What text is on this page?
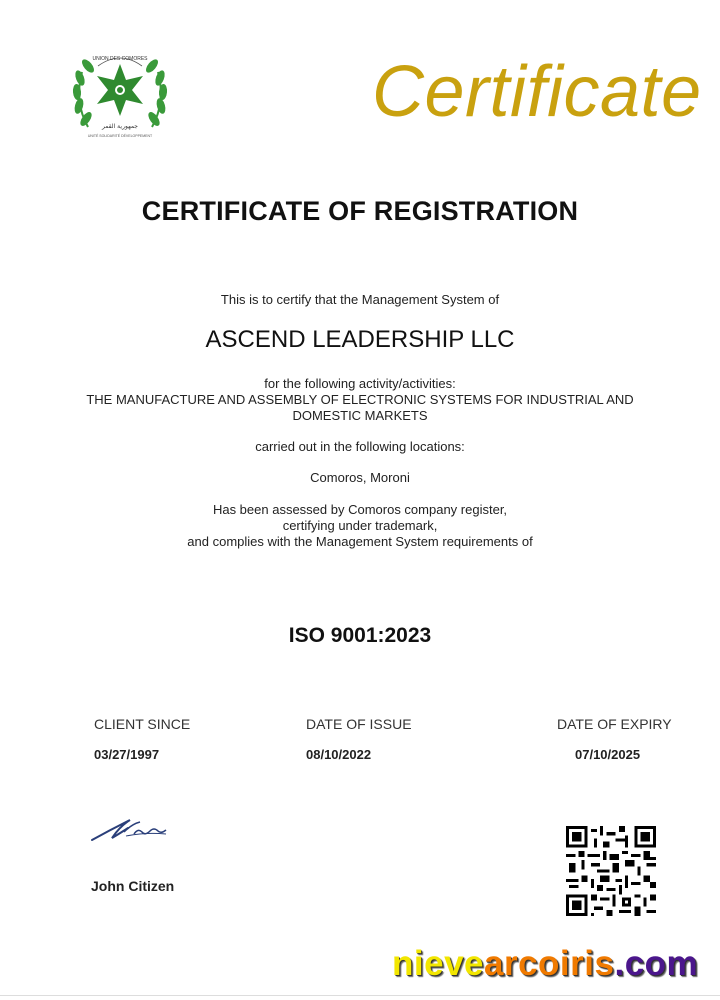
UNION DES COMORES
جمهورية القمر
UNITÉ SOLIDARITÉ DÉVELOPPEMENT
Certificate
CERTIFICATE OF REGISTRATION
This is to certify that the Management System of
ASCEND LEADERSHIP LLC
for the following activity/activities:
THE MANUFACTURE AND ASSEMBLY OF ELECTRONIC SYSTEMS FOR INDUSTRIAL AND
DOMESTIC MARKETS
carried out in the following locations:
Comoros, Moroni
Has been assessed by Comoros company register,
certifying under trademark,
and complies with the Management System requirements of
ISO 9001:2023
CLIENT SINCE
03/27/1997
DATE OF ISSUE
08/10/2022
DATE OF EXPIRY
07/10/2025
John Citizen
nievearcoiris.com
